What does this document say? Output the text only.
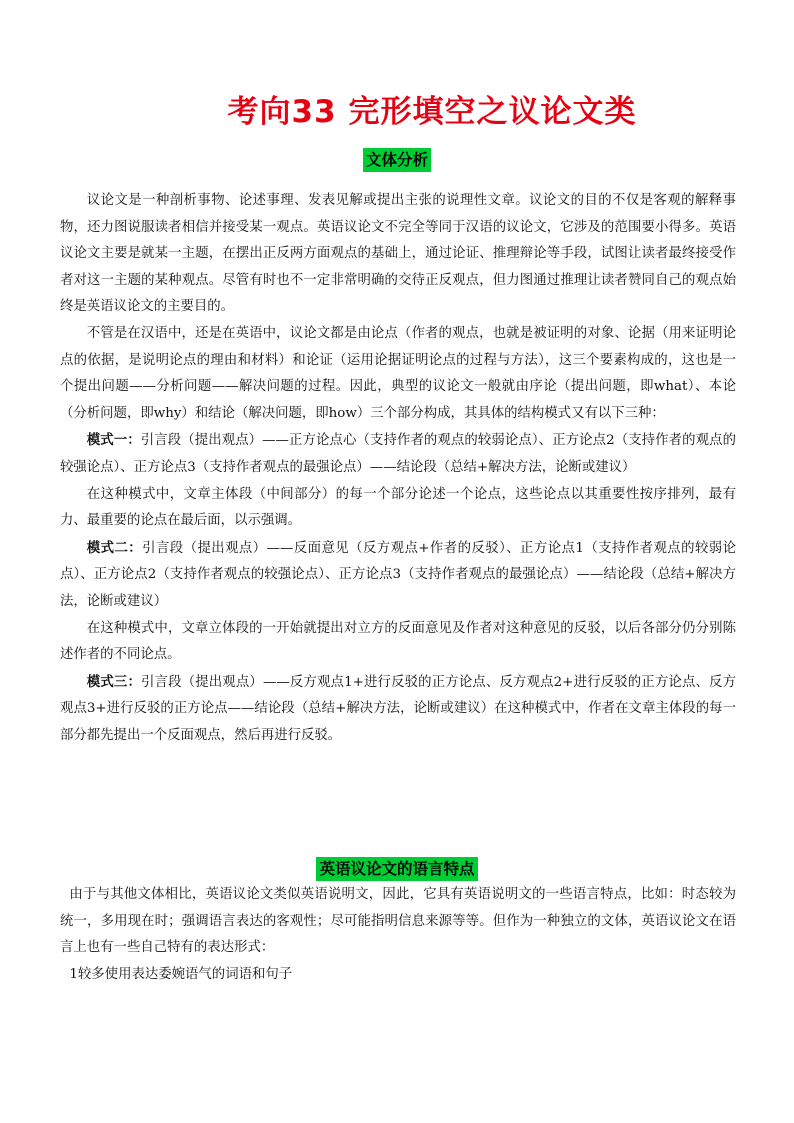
考向33 完形填空之议论文类
文体分析

议论文是一种剖析事物、论述事理、发表见解或提出主张的说理性文章。议论文的目的不仅是客观的解释事物，还力图说服读者相信并接受某一观点。英语议论文不完全等同于汉语的议论文，它涉及的范围要小得多。英语议论文主要是就某一主题，在摆出正反两方面观点的基础上，通过论证、推理辩论等手段，试图让读者最终接受作者对这一主题的某种观点。尽管有时也不一定非常明确的交待正反观点，但力图通过推理让读者赞同自己的观点始终是英语议论文的主要目的。

不管是在汉语中，还是在英语中，议论文都是由论点（作者的观点，也就是被证明的对象、论据（用来证明论点的依据，是说明论点的理由和材料）和论证（运用论据证明论点的过程与方法），这三个要素构成的，这也是一个提出问题——分析问题——解决问题的过程。因此，典型的议论文一般就由序论（提出问题，即what）、本论（分析问题，即why）和结论（解决问题，即how）三个部分构成，其具体的结构模式又有以下三种：

模式一：引言段（提出观点）——正方论点心（支持作者的观点的较弱论点）、正方论点2（支持作者的观点的较强论点）、正方论点3（支持作者观点的最强论点）——结论段（总结+解决方法，论断或建议）

在这种模式中，文章主体段（中间部分）的每一个部分论述一个论点，这些论点以其重要性按序排列，最有力、最重要的论点在最后面，以示强调。

模式二：引言段（提出观点）——反面意见（反方观点+作者的反驳）、正方论点1（支持作者观点的较弱论点）、正方论点2（支持作者观点的较强论点）、正方论点3（支持作者观点的最强论点）——结论段（总结+解决方法，论断或建议）

在这种模式中，文章立体段的一开始就提出对立方的反面意见及作者对这种意见的反驳，以后各部分仍分别陈述作者的不同论点。

模式三：引言段（提出观点）——反方观点1+进行反驳的正方论点、反方观点2+进行反驳的正方论点、反方观点3+进行反驳的正方论点——结论段（总结+解决方法，论断或建议）在这种模式中，作者在文章主体段的每一部分都先提出一个反面观点，然后再进行反驳。

英语议论文的语言特点

由于与其他文体相比，英语议论文类似英语说明文，因此，它具有英语说明文的一些语言特点，比如：时态较为统一，多用现在时；强调语言表达的客观性；尽可能指明信息来源等等。但作为一种独立的文体，英语议论文在语言上也有一些自己特有的表达形式：

1较多使用表达委婉语气的词语和句子
